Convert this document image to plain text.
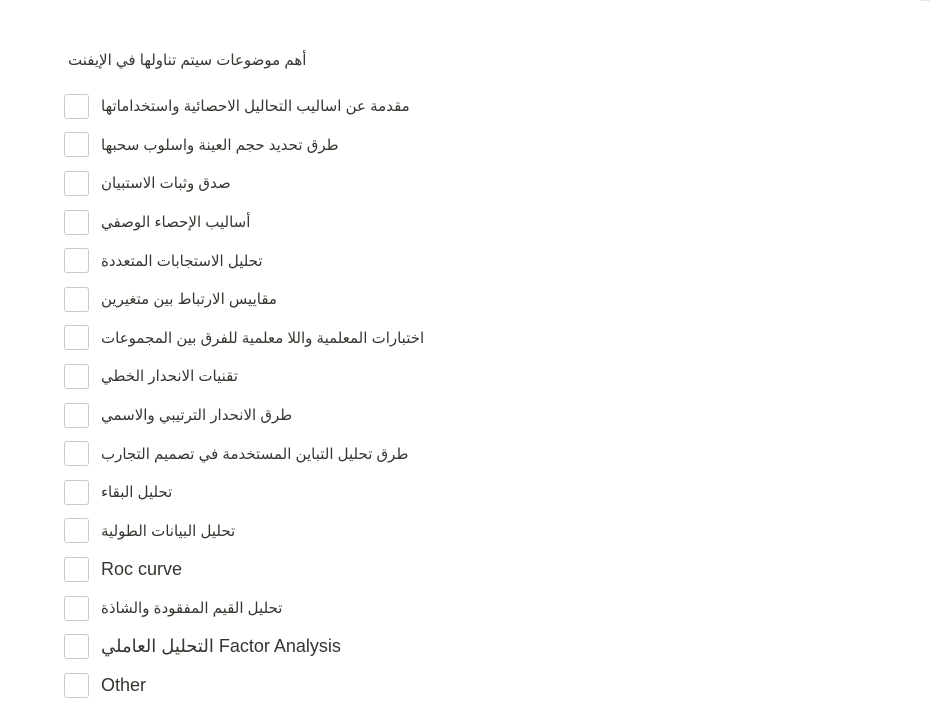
أهم موضوعات سيتم تناولها في الإيفنت
مقدمة عن اساليب التحاليل الاحصائية واستخداماتها
طرق تحديد حجم العينة واسلوب سحبها
صدق وثبات الاستبيان
أساليب الإحصاء الوصفي
تحليل الاستجابات المتعددة
مقاييس الارتباط بين متغيرين
اختبارات المعلمية واللا معلمية للفرق بين المجموعات
تقنيات الانحدار الخطي
طرق الانحدار الترتيبي والاسمي
طرق تحليل التباين المستخدمة في تصميم التجارب
تحليل البقاء
تحليل البيانات الطولية
Roc curve
تحليل القيم المفقودة والشاذة
التحليل العاملي Factor Analysis
Other
